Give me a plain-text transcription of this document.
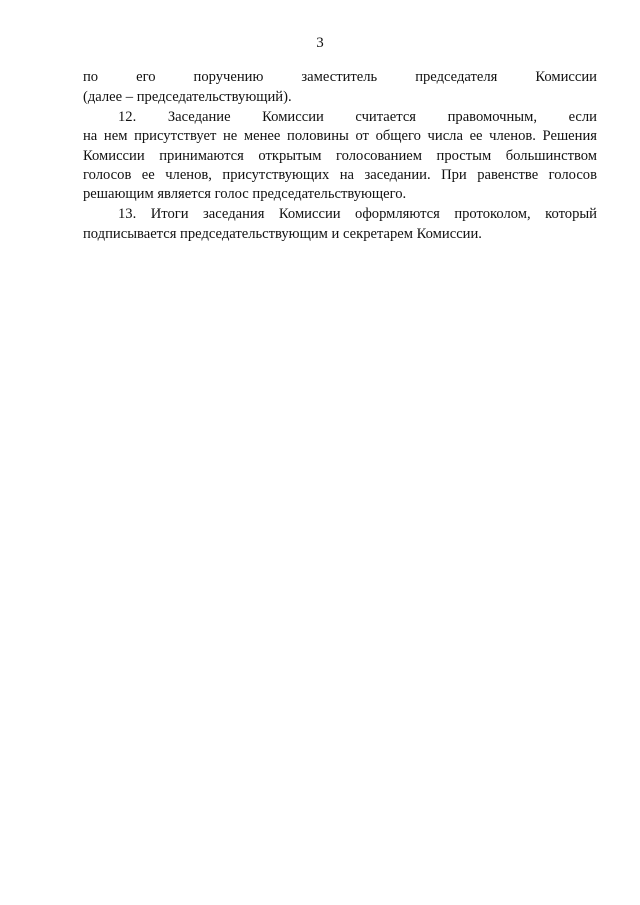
3
по его поручению заместитель председателя Комиссии
(далее – председательствующий).
12. Заседание Комиссии считается правомочным, если
на нем присутствует не менее половины от общего числа ее членов. Решения
Комиссии принимаются открытым голосованием простым большинством
голосов ее членов, присутствующих на заседании. При равенстве голосов
решающим является голос председательствующего.
13. Итоги заседания Комиссии оформляются протоколом, который
подписывается председательствующим и секретарем Комиссии.
